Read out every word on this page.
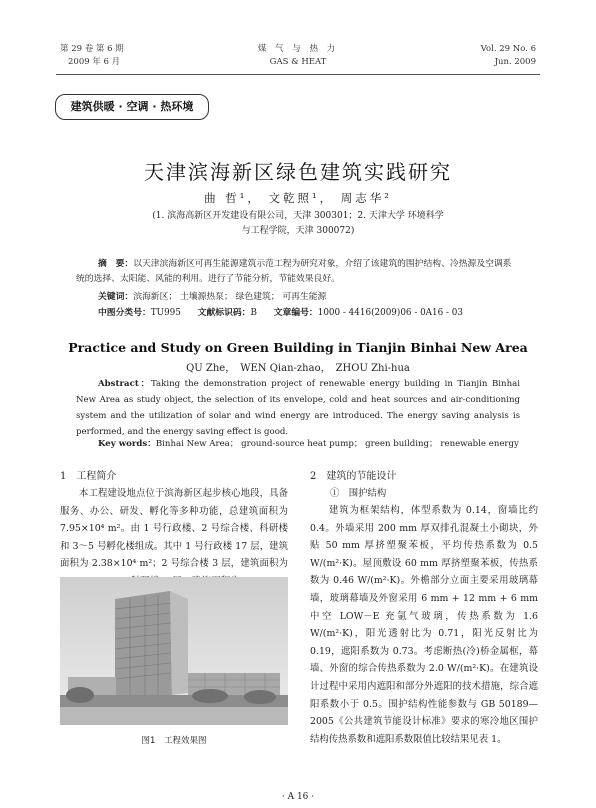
第 29 卷 第 6 期
2009 年 6 月
煤 气 与 热 力
GAS & HEAT
Vol. 29 No. 6
Jun. 2009
建筑供暖 · 空调 · 热环境
天津滨海新区绿色建筑实践研究
曲 哲¹， 文乾照¹， 周志华²
(1. 滨海高新区开发建设有限公司，天津 300301；2. 天津大学 环境科学
与工程学院，天津 300072)
摘　要：以天津滨海新区可再生能源建筑示范工程为研究对象，介绍了该建筑的围护结构、冷热源及空调系统的选择、太阳能、风能的利用。进行了节能分析，节能效果良好。
关键词：滨海新区； 土壤源热泵； 绿色建筑； 可再生能源
中图分类号：TU995 文献标识码：B 文章编号：1000 - 4416(2009)06 - 0A16 - 03
Practice and Study on Green Building in Tianjin Binhai New Area
QU Zhe，　WEN Qian-zhao，　ZHOU Zhi-hua
Abstract：Taking the demonstration project of renewable energy building in Tianjin Binhai New Area as study object, the selection of its envelope, cold and heat sources and air-conditioning system and the utilization of solar and wind energy are introduced. The energy saving analysis is performed, and the energy saving effect is good.
Key words：Binhai New Area； ground-source heat pump； green building； renewable energy
1　工程简介
本工程建设地点位于滨海新区起步核心地段，具备服务、办公、研发、孵化等多种功能，总建筑面积为 7.95×10⁴ m²。由 1 号行政楼、2 号综合楼、科研楼和 3～5 号孵化楼组成。其中 1 号行政楼 17 层，建筑面积为 2.38×10⁴ m²；2 号综合楼 3 层，建筑面积为
图1　工程效果图
2　建筑的节能设计
①　围护结构
建筑为框架结构，体型系数为 0.14，窗墙比约 0.4。外墙采用 200 mm 厚双排孔混凝土小砌块，外贴 50 mm 厚挤塑聚苯板，平均传热系数为 0.5 W/(m²·K)。屋顶敷设 60 mm 厚挤塑聚苯板，传热系数为 0.46 W/(m²·K)。外檐部分立面主要采用玻璃幕墙，玻璃幕墙及外窗采用 6 mm + 12 mm + 6 mm 中空 LOW－E 充氩气玻璃，传热系数为 1.6 W/(m²·K)，阳光透射比为 0.71，阳光反射比为 0.19，遮阳系数为 0.73。考虑断热(冷)桥金属框，幕墙、外窗的综合传热系数为 2.0 W/(m²·K)。在建筑设计过程中采用内遮阳和部分外遮阳的技术措施，综合遮阳系数小于 0.5。围护结构性能参数与 GB 50189—2005《公共建筑节能设计标准》要求的寒冷地区围护结构传热系数和遮阳系数限值比较结果见表 1。
· A 16 ·
